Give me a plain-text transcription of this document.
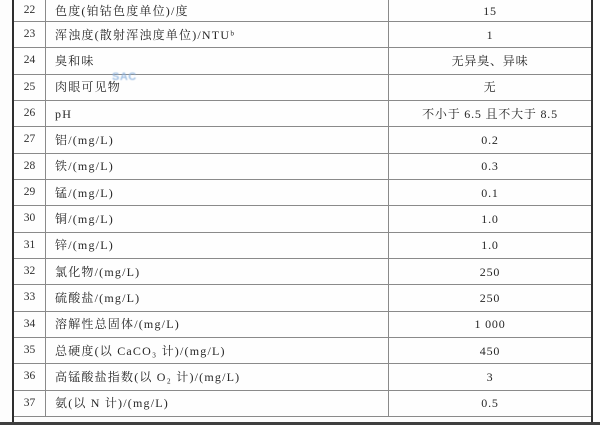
22	色度(铂钴色度单位)/度	15
23	浑浊度(散射浑浊度单位)/NTUᵇ	1
24	臭和味	无异臭、异味
25	肉眼可见物	无
26	pH	不小于 6.5 且不大于 8.5
27	铝/(mg/L)	0.2
28	铁/(mg/L)	0.3
29	锰/(mg/L)	0.1
30	铜/(mg/L)	1.0
31	锌/(mg/L)	1.0
32	氯化物/(mg/L)	250
33	硫酸盐/(mg/L)	250
34	溶解性总固体/(mg/L)	1 000
35	总硬度(以 CaCO₃ 计)/(mg/L)	450
36	高锰酸盐指数(以 O₂ 计)/(mg/L)	3
37	氨(以 N 计)/(mg/L)	0.5
SAC
